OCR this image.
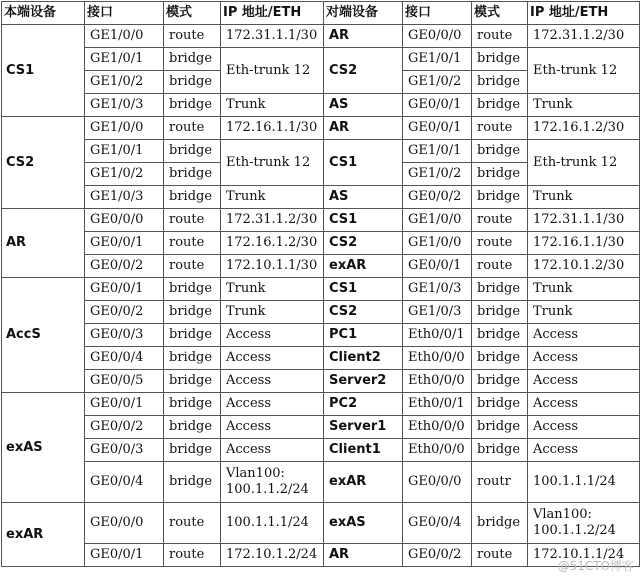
本端设备	接口	模式	IP 地址/ETH	对端设备	接口	模式	IP 地址/ETH
CS1	GE1/0/0	route	172.31.1.1/30	AR	GE0/0/0	route	172.31.1.2/30
	GE1/0/1	bridge	Eth-trunk 12	CS2	GE1/0/1	bridge	Eth-trunk 12
	GE1/0/2	bridge			GE1/0/2	bridge	
	GE1/0/3	bridge	Trunk	AS	GE0/0/1	bridge	Trunk
CS2	GE1/0/0	route	172.16.1.1/30	AR	GE0/0/1	route	172.16.1.2/30
	GE1/0/1	bridge	Eth-trunk 12	CS1	GE1/0/1	bridge	Eth-trunk 12
	GE1/0/2	bridge			GE1/0/2	bridge	
	GE1/0/3	bridge	Trunk	AS	GE0/0/2	bridge	Trunk
AR	GE0/0/0	route	172.31.1.2/30	CS1	GE1/0/0	route	172.31.1.1/30
	GE0/0/1	route	172.16.1.2/30	CS2	GE1/0/0	route	172.16.1.1/30
	GE0/0/2	route	172.10.1.1/30	exAR	GE0/0/1	route	172.10.1.2/30
AccS	GE0/0/1	bridge	Trunk	CS1	GE1/0/3	bridge	Trunk
	GE0/0/2	bridge	Trunk	CS2	GE1/0/3	bridge	Trunk
	GE0/0/3	bridge	Access	PC1	Eth0/0/1	bridge	Access
	GE0/0/4	bridge	Access	Client2	Eth0/0/0	bridge	Access
	GE0/0/5	bridge	Access	Server2	Eth0/0/0	bridge	Access
exAS	GE0/0/1	bridge	Access	PC2	Eth0/0/1	bridge	Access
	GE0/0/2	bridge	Access	Server1	Eth0/0/0	bridge	Access
	GE0/0/3	bridge	Access	Client1	Eth0/0/0	bridge	Access
	GE0/0/4	bridge	Vlan100: 100.1.1.2/24	exAR	GE0/0/0	routr	100.1.1.1/24
exAR	GE0/0/0	route	100.1.1.1/24	exAS	GE0/0/4	bridge	Vlan100: 100.1.1.2/24
	GE0/0/1	route	172.10.1.2/24	AR	GE0/0/2	route	172.10.1.1/24
@51CTO博客
